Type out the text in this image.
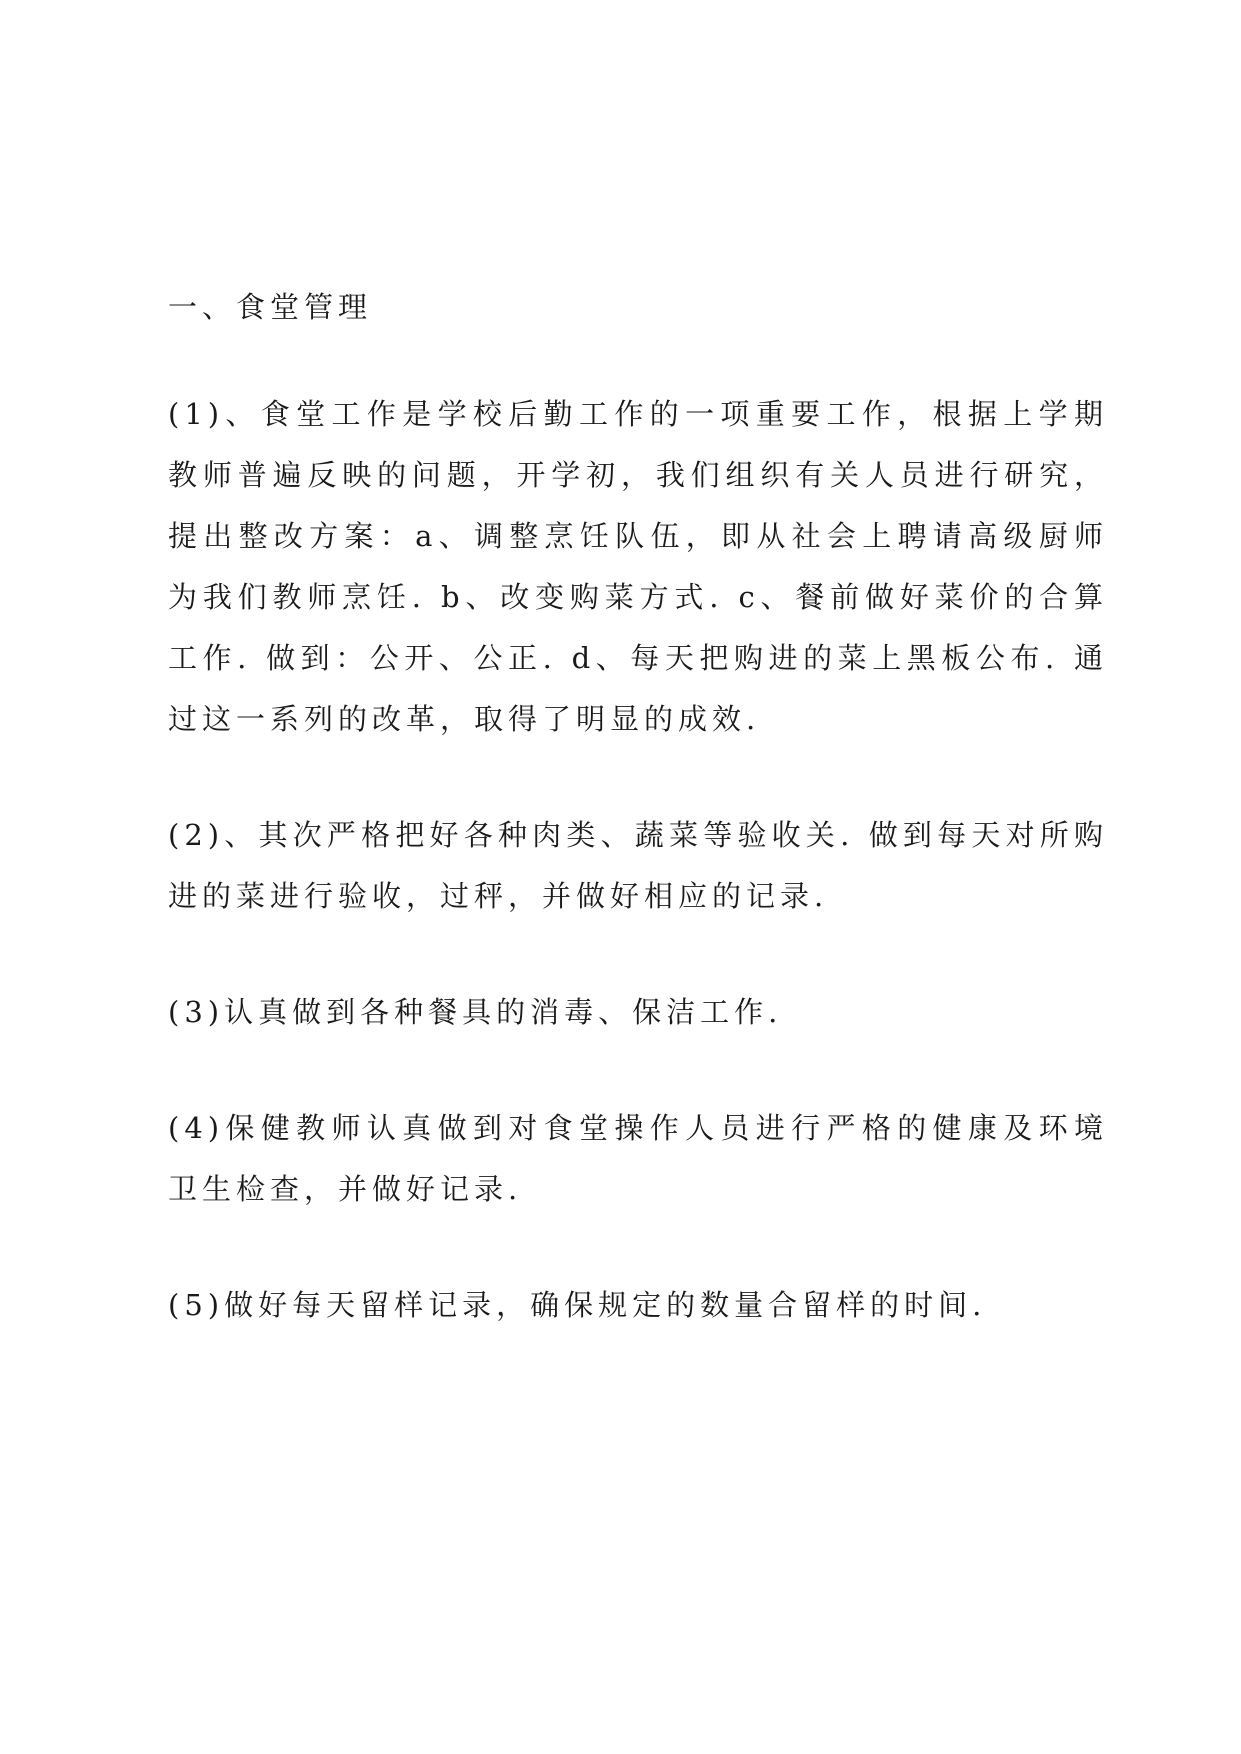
一、食堂管理

(1)、食堂工作是学校后勤工作的一项重要工作，根据上学期教师普遍反映的问题，开学初，我们组织有关人员进行研究，提出整改方案：a、调整烹饪队伍，即从社会上聘请高级厨师为我们教师烹饪. b、改变购菜方式. c、餐前做好菜价的合算工作. 做到：公开、公正. d、每天把购进的菜上黑板公布. 通过这一系列的改革，取得了明显的成效.

(2)、其次严格把好各种肉类、蔬菜等验收关. 做到每天对所购进的菜进行验收，过秤，并做好相应的记录.

(3)认真做到各种餐具的消毒、保洁工作.

(4)保健教师认真做到对食堂操作人员进行严格的健康及环境卫生检查，并做好记录.

(5)做好每天留样记录，确保规定的数量合留样的时间.
